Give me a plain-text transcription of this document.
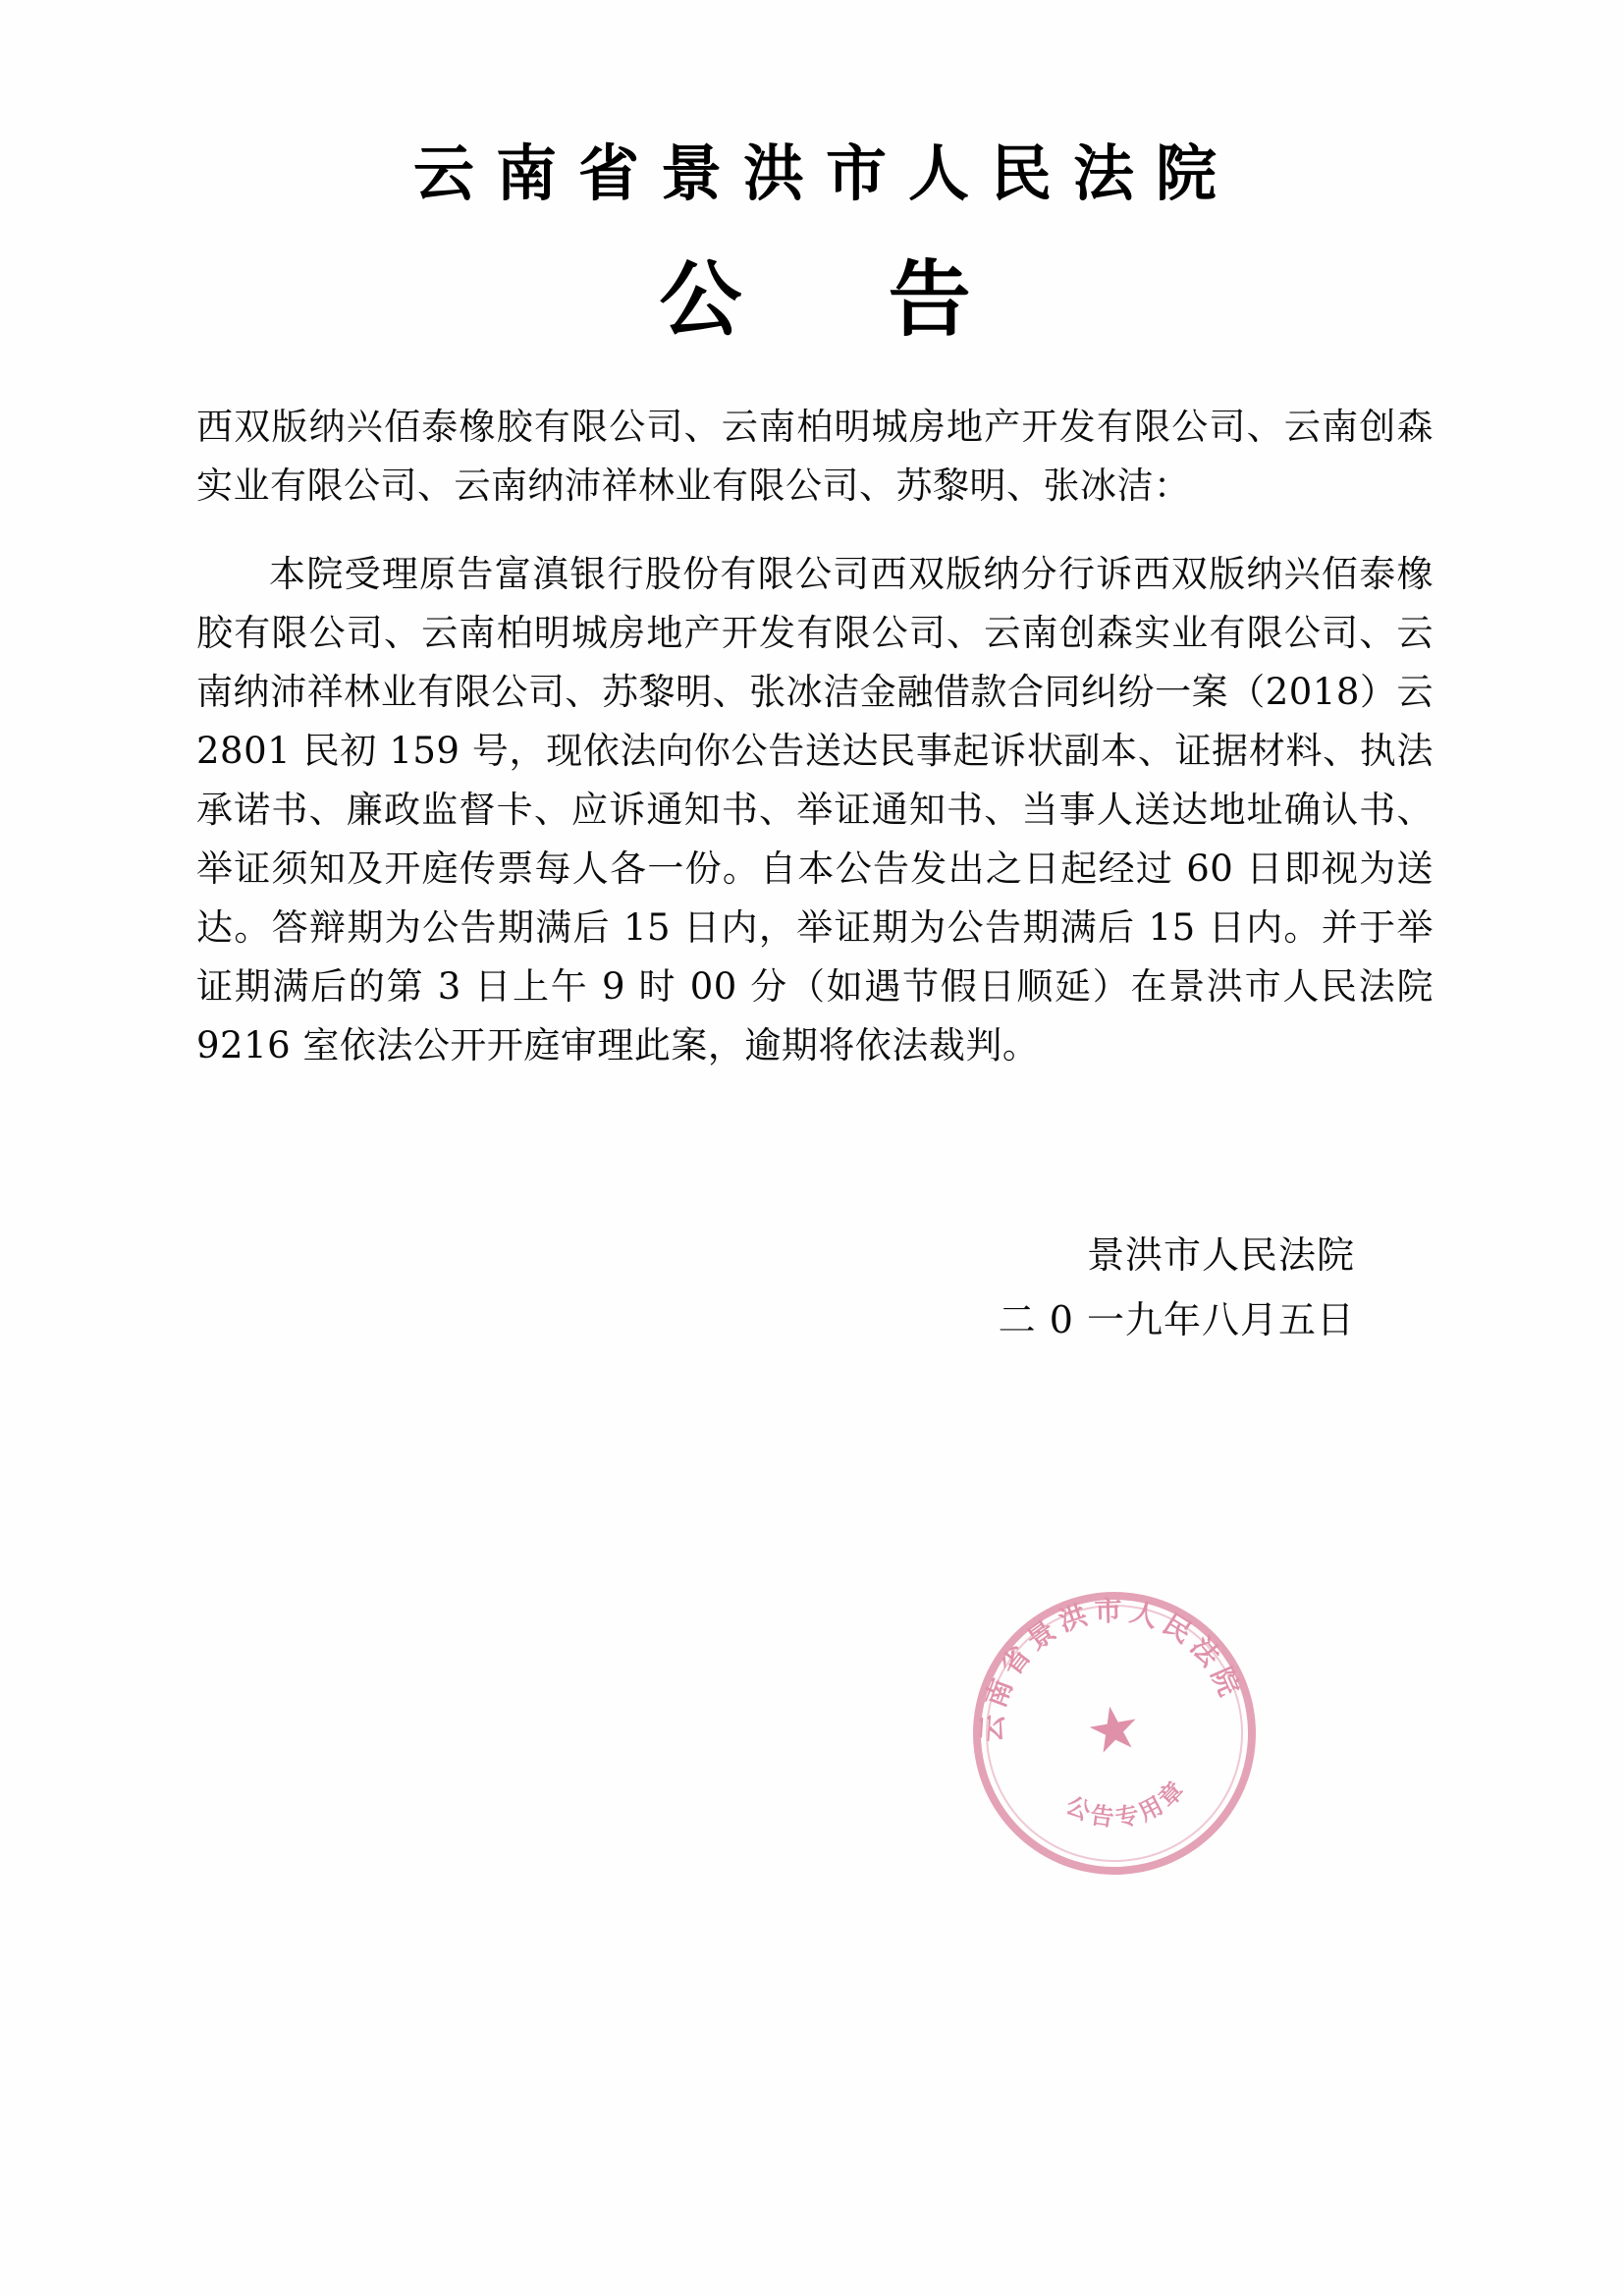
云南省景洪市人民法院
公 告
西双版纳兴佰泰橡胶有限公司、云南柏明城房地产开发有限公司、云南创森实业有限公司、云南纳沛祥林业有限公司、苏黎明、张冰洁：
本院受理原告富滇银行股份有限公司西双版纳分行诉西双版纳兴佰泰橡胶有限公司、云南柏明城房地产开发有限公司、云南创森实业有限公司、云南纳沛祥林业有限公司、苏黎明、张冰洁金融借款合同纠纷一案（2018）云 2801 民初 159 号，现依法向你公告送达民事起诉状副本、证据材料、执法承诺书、廉政监督卡、应诉通知书、举证通知书、当事人送达地址确认书、举证须知及开庭传票每人各一份。自本公告发出之日起经过 60 日即视为送达。答辩期为公告期满后 15 日内，举证期为公告期满后 15 日内。并于举证期满后的第 3 日上午 9 时 00 分（如遇节假日顺延）在景洪市人民法院 9216 室依法公开开庭审理此案，逾期将依法裁判。
景洪市人民法院
二 0 一九年八月五日
云南省景洪市人民法院
公告专用章
★
